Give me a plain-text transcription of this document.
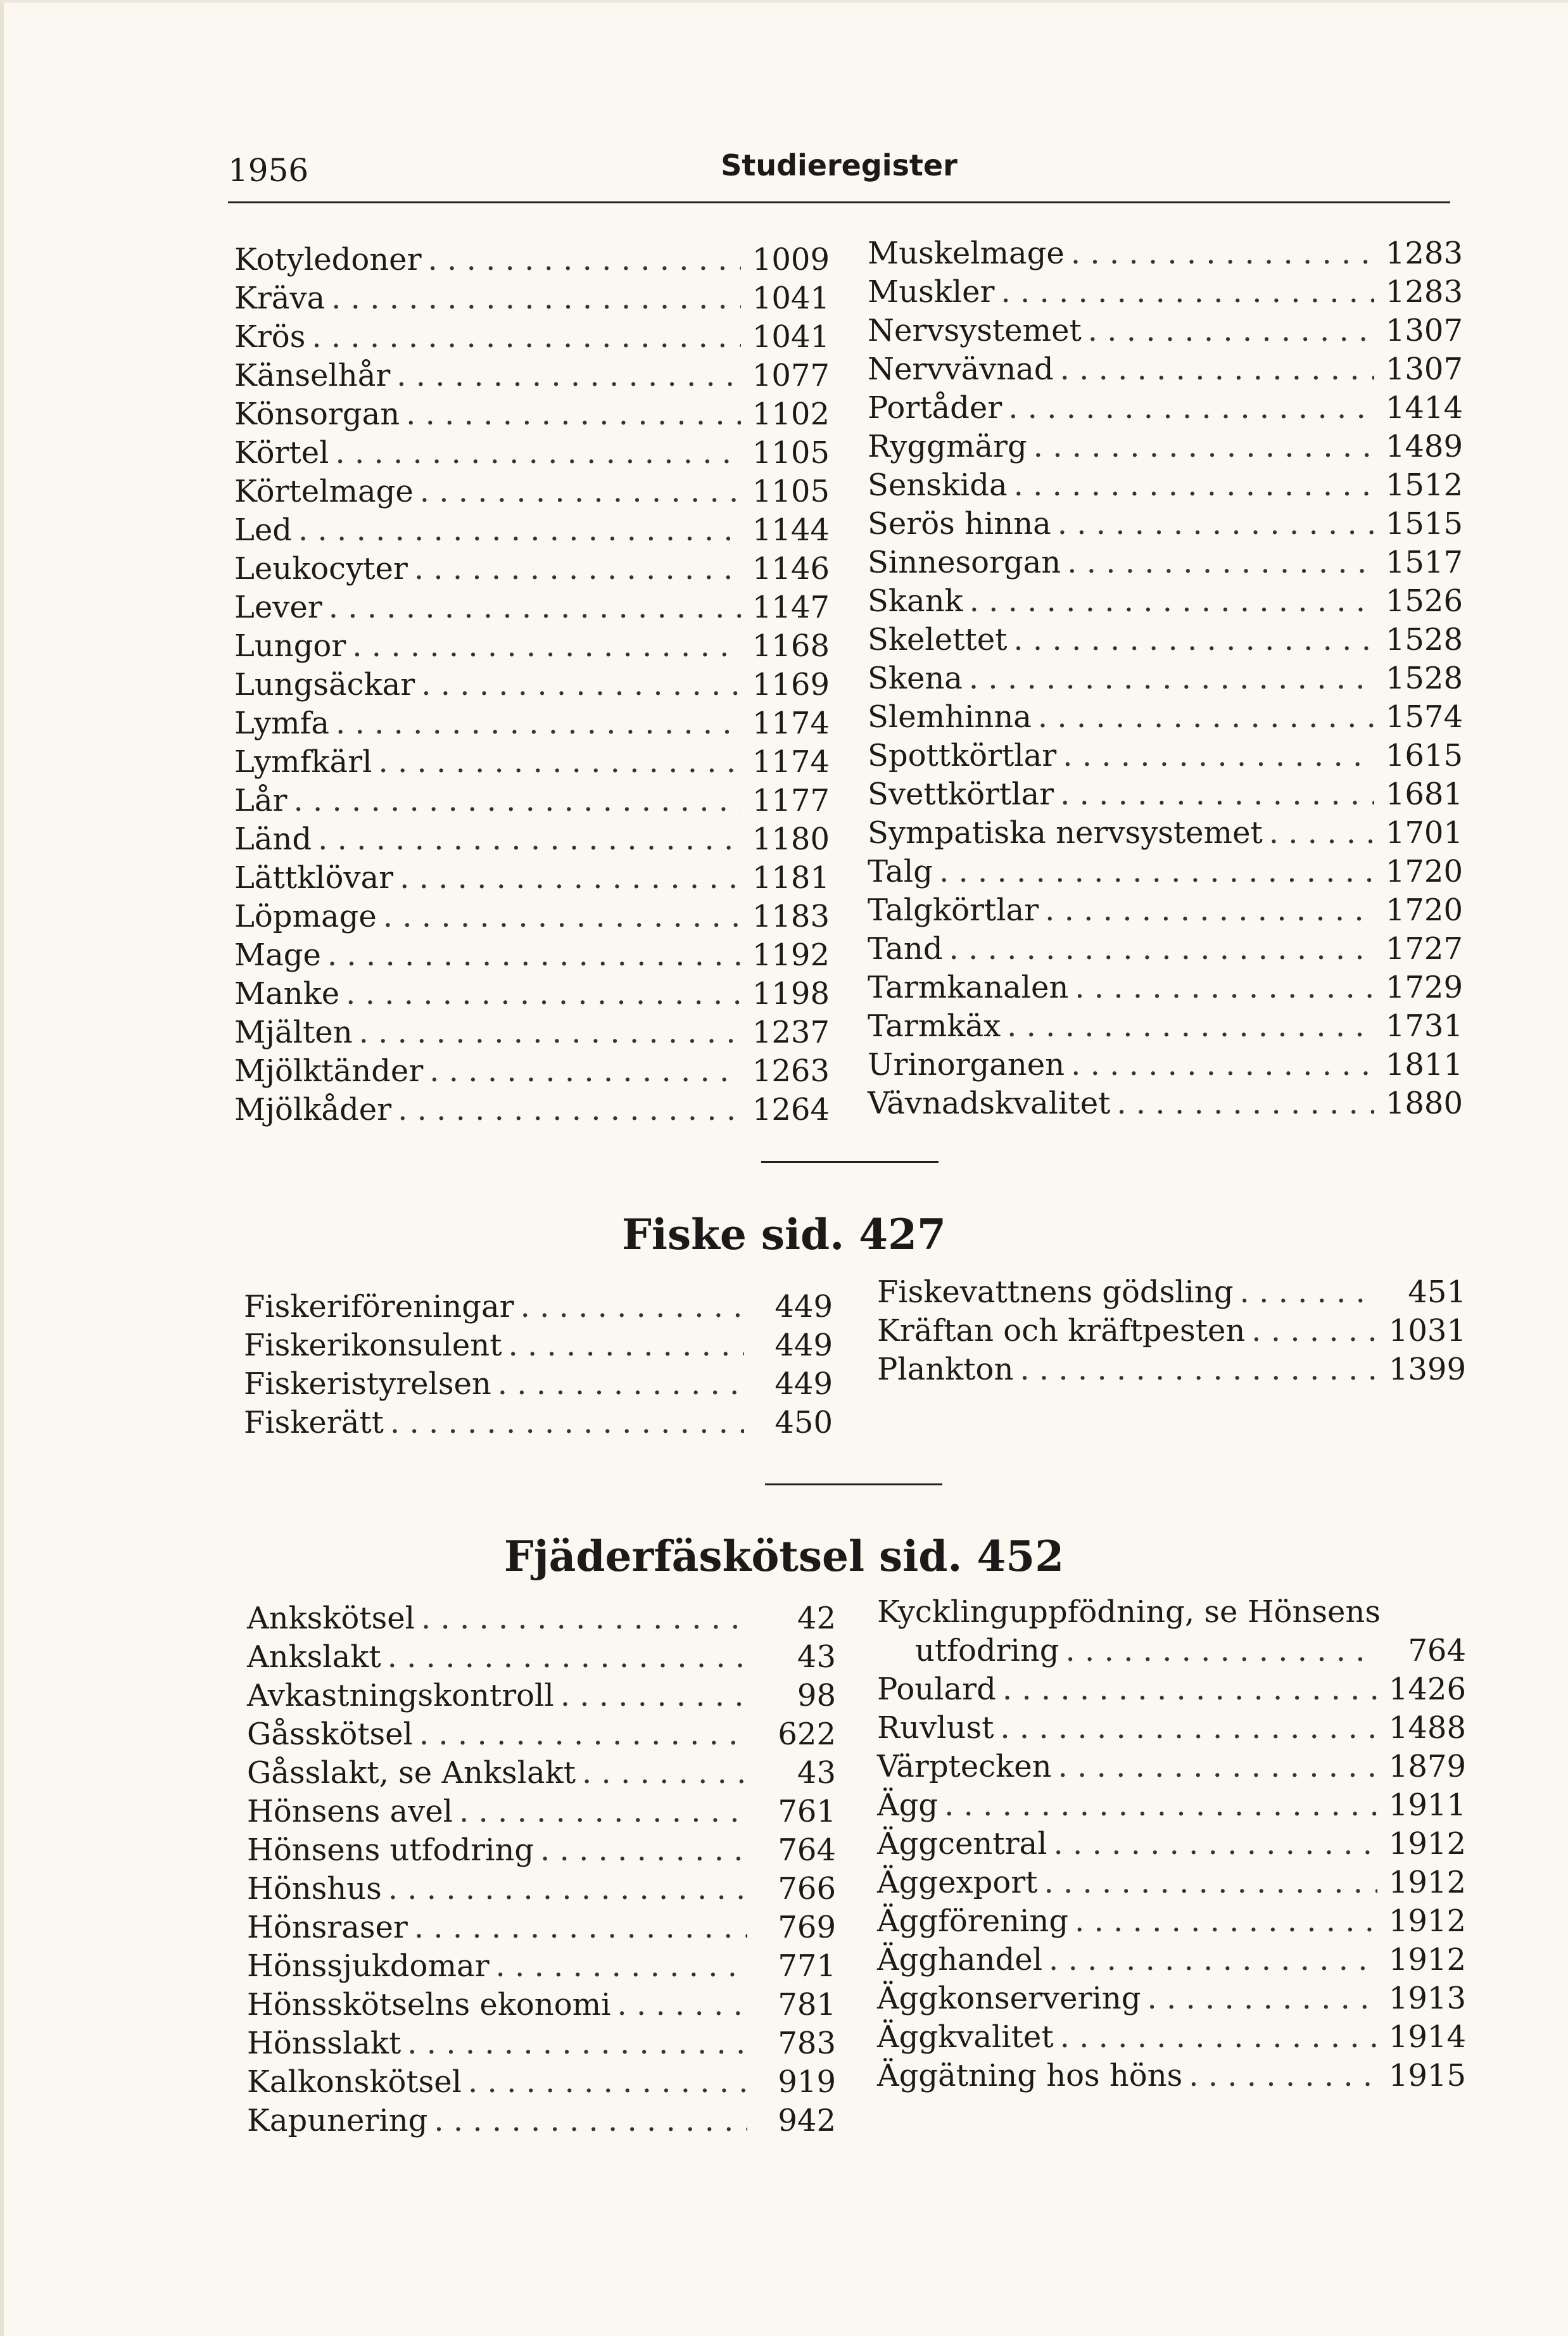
1956	Studieregister
Kotyledoner . . .	1009
Kräva . . .	1041
Krös . . .	1041
Känselhår . . .	1077
Könsorgan . . .	1102
Körtel . . .	1105
Körtelmage . . .	1105
Led . . .	1144
Leukocyter . . .	1146
Lever . . .	1147
Lungor . . .	1168
Lungsäckar . . .	1169
Lymfa . . .	1174
Lymfkärl . . .	1174
Lår . . .	1177
Länd . . .	1180
Lättklövar . . .	1181
Löpmage . . .	1183
Mage . . .	1192
Manke . . .	1198
Mjälten . . .	1237
Mjölktänder . . .	1263
Mjölkåder . . .	1264
Muskelmage . . .	1283
Muskler . . .	1283
Nervsystemet . . .	1307
Nervvävnad . . .	1307
Portåder . . .	1414
Ryggmärg . . .	1489
Senskida . . .	1512
Serös hinna . . .	1515
Sinnesorgan . . .	1517
Skank . . .	1526
Skelettet . . .	1528
Skena . . .	1528
Slemhinna . . .	1574
Spottkörtlar . . .	1615
Svettkörtlar . . .	1681
Sympatiska nervsystemet . . .	1701
Talg . . .	1720
Talgkörtlar . . .	1720
Tand . . .	1727
Tarmkanalen . . .	1729
Tarmkäx . . .	1731
Urinorganen . . .	1811
Vävnadskvalitet . . .	1880
Fiske sid. 427
Fiskeriföreningar . . .	449
Fiskerikonsulent . . .	449
Fiskeristyrelsen . . .	449
Fiskerätt . . .	450
Fiskevattnens gödsling . . .	451
Kräftan och kräftpesten . . .	1031
Plankton . . .	1399
Fjäderfäskötsel sid. 452
Ankskötsel . . .	42
Ankslakt . . .	43
Avkastningskontroll . . .	98
Gåsskötsel . . .	622
Gåsslakt, se Ankslakt . . .	43
Hönsens avel . . .	761
Hönsens utfodring . . .	764
Hönshus . . .	766
Hönsraser . . .	769
Hönssjukdomar . . .	771
Hönsskötselns ekonomi . . .	781
Hönsslakt . . .	783
Kalkonskötsel . . .	919
Kapunering . . .	942
Kycklinguppfödning, se Hönsens
utfodring . . .	764
Poulard . . .	1426
Ruvlust . . .	1488
Värptecken . . .	1879
Ägg . . .	1911
Äggcentral . . .	1912
Äggexport . . .	1912
Äggförening . . .	1912
Ägghandel . . .	1912
Äggkonservering . . .	1913
Äggkvalitet . . .	1914
Äggätning hos höns . . .	1915
